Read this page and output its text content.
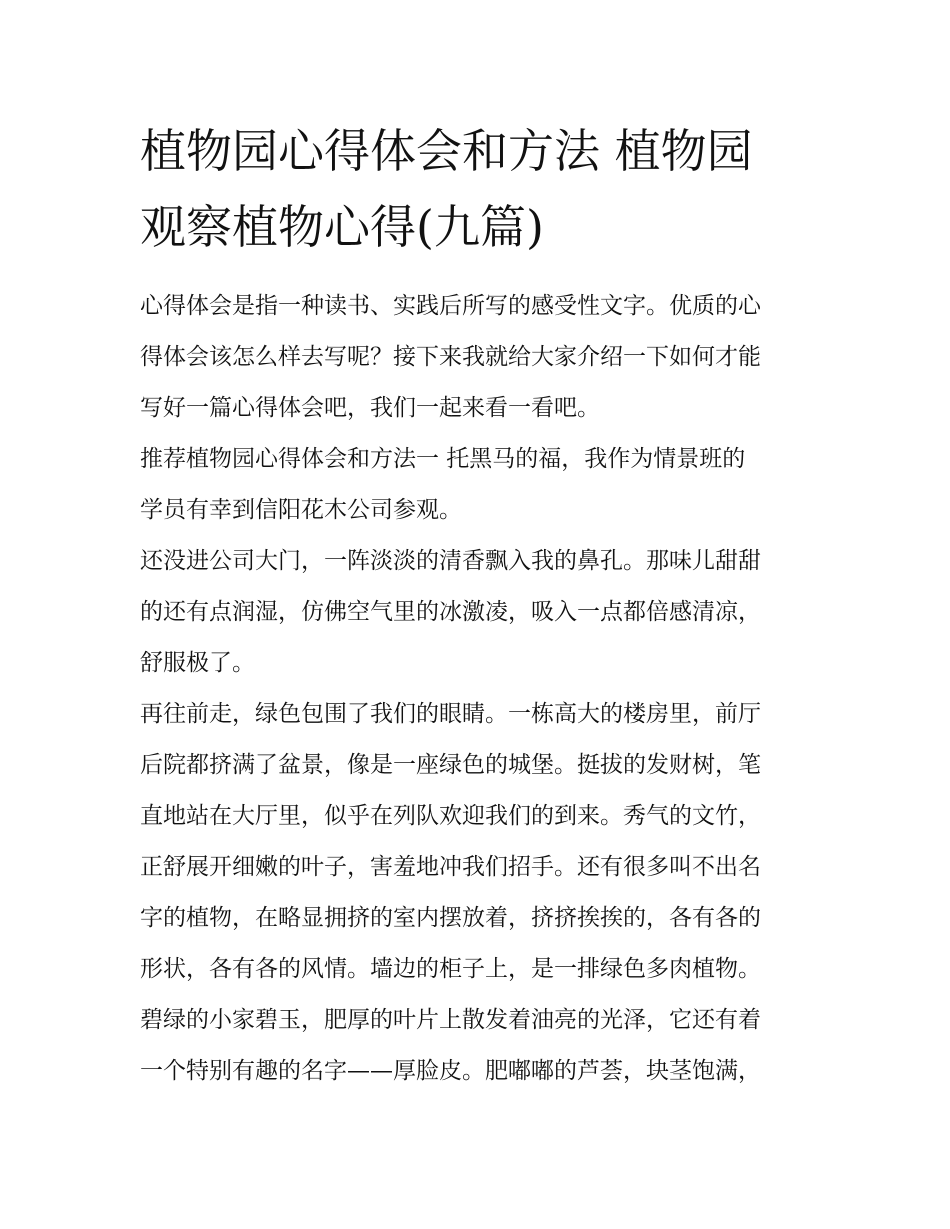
植物园心得体会和方法 植物园
观察植物心得(九篇)
心得体会是指一种读书、实践后所写的感受性文字。优质的心
得体会该怎么样去写呢？接下来我就给大家介绍一下如何才能
写好一篇心得体会吧，我们一起来看一看吧。
推荐植物园心得体会和方法一 托黑马的福，我作为情景班的
学员有幸到信阳花木公司参观。
还没进公司大门，一阵淡淡的清香飘入我的鼻孔。那味儿甜甜
的还有点润湿，仿佛空气里的冰激凌，吸入一点都倍感清凉，
舒服极了。
再往前走，绿色包围了我们的眼睛。一栋高大的楼房里，前厅
后院都挤满了盆景，像是一座绿色的城堡。挺拔的发财树，笔
直地站在大厅里，似乎在列队欢迎我们的到来。秀气的文竹，
正舒展开细嫩的叶子，害羞地冲我们招手。还有很多叫不出名
字的植物，在略显拥挤的室内摆放着，挤挤挨挨的，各有各的
形状，各有各的风情。墙边的柜子上，是一排绿色多肉植物。
碧绿的小家碧玉，肥厚的叶片上散发着油亮的光泽，它还有着
一个特别有趣的名字——厚脸皮。肥嘟嘟的芦荟，块茎饱满，
